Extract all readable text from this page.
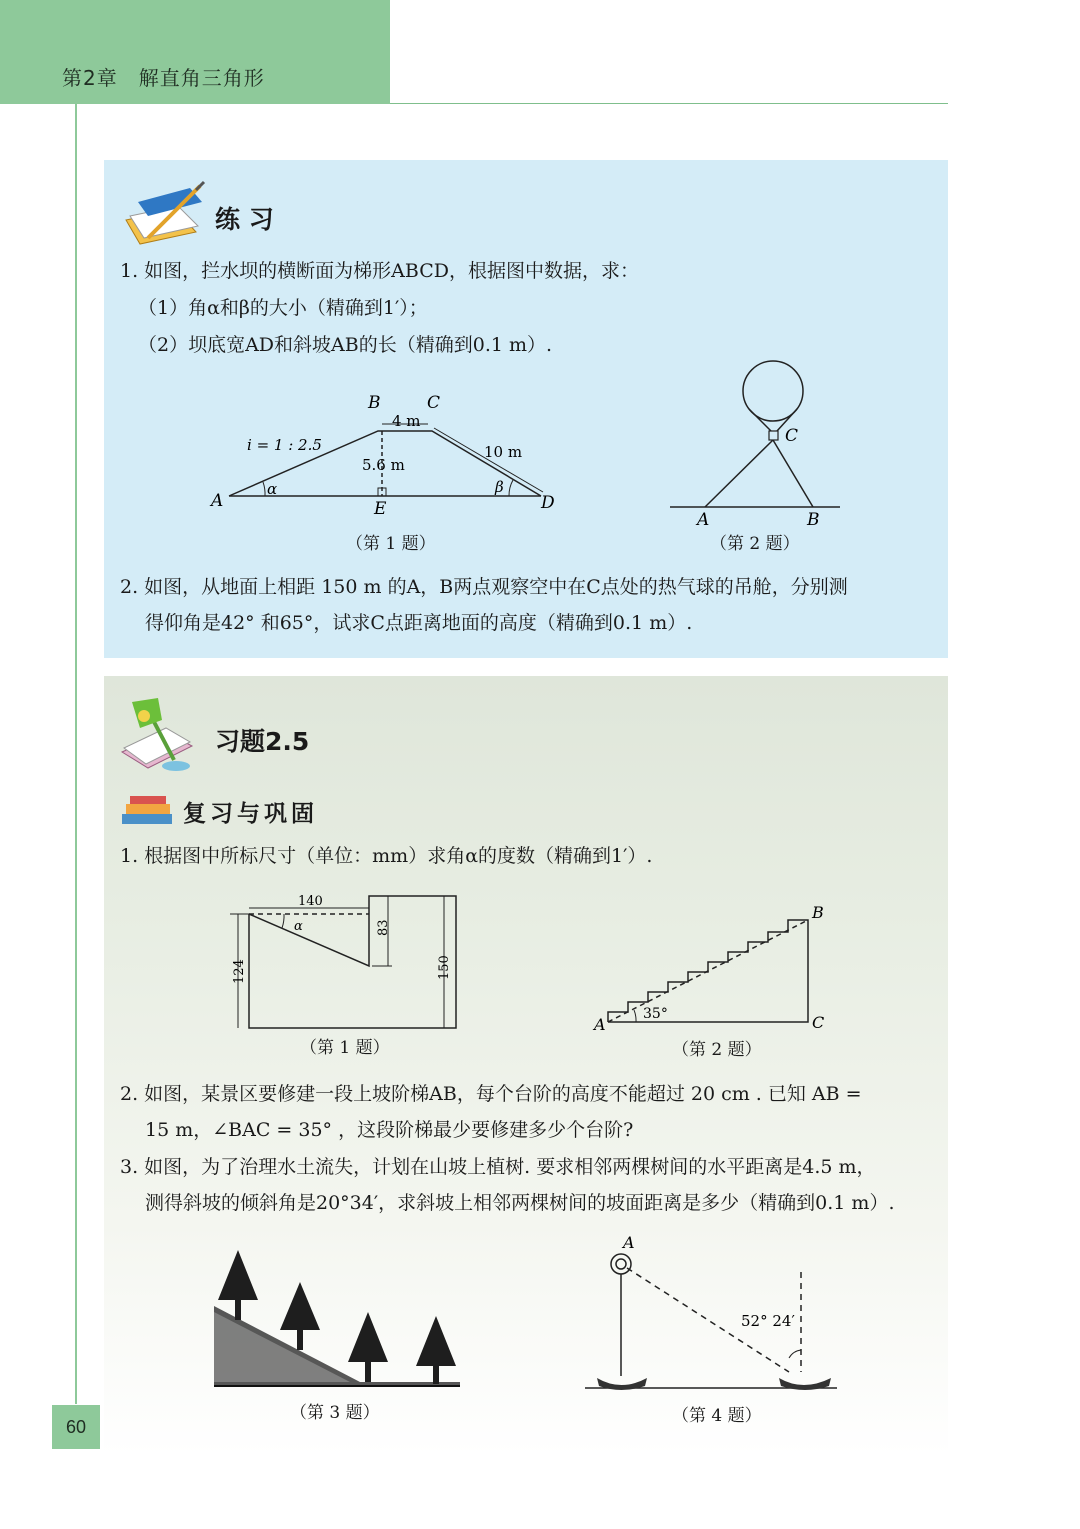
第2章　解直角三角形
练 习
1. 如图，拦水坝的横断面为梯形ABCD，根据图中数据，求：
（1）角α和β的大小（精确到1′）；
（2）坝底宽AD和斜坡AB的长（精确到0.1 m）.
B	C
A	D
E
4 m
i = 1 : 2.5
5.6 m
10 m
α	β
（第 1 题）
C
A	B
（第 2 题）
2. 如图，从地面上相距 150 m 的A，B两点观察空中在C点处的热气球的吊舱，分别测
得仰角是42° 和65°，试求C点距离地面的高度（精确到0.1 m）.
习题2.5
复习与巩固
1. 根据图中所标尺寸（单位：mm）求角α的度数（精确到1′）.
140
83
124	150
α
（第 1 题）
A
B
C
35°
（第 2 题）
2. 如图，某景区要修建一段上坡阶梯AB，每个台阶的高度不能超过 20 cm . 已知 AB =
15 m，∠BAC = 35° ，这段阶梯最少要修建多少个台阶?
3. 如图，为了治理水土流失，计划在山坡上植树. 要求相邻两棵树间的水平距离是4.5 m，
测得斜坡的倾斜角是20°34′，求斜坡上相邻两棵树间的坡面距离是多少（精确到0.1 m）.
（第 3 题）
A
52° 24′
（第 4 题）
60
